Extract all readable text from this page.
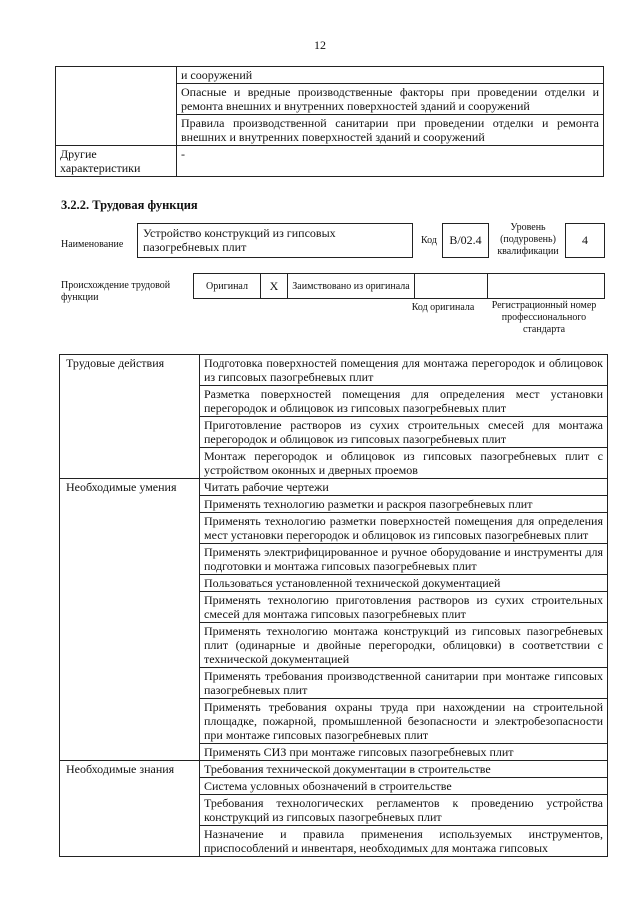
12
	и сооружений
	Опасные и вредные производственные факторы при проведении отделки и ремонта внешних и внутренних поверхностей зданий и сооружений
	Правила производственной санитарии при проведении отделки и ремонта внешних и внутренних поверхностей зданий и сооружений
Другие характеристики	-
3.2.2. Трудовая функция
Наименование
Устройство конструкций из гипсовых пазогребневых плит	Код	B/02.4
Уровень (подуровень) квалификации
4
Происхождение трудовой функции
Оригинал	X	Заимствовано из оригинала		
Код оригинала	Регистрационный номер профессионального стандарта
Трудовые действия	Подготовка поверхностей помещения для монтажа перегородок и облицовок из гипсовых пазогребневых плит
	Разметка поверхностей помещения для определения мест установки перегородок и облицовок из гипсовых пазогребневых плит
	Приготовление растворов из сухих строительных смесей для монтажа перегородок и облицовок из гипсовых пазогребневых плит
	Монтаж перегородок и облицовок из гипсовых пазогребневых плит с устройством оконных и дверных проемов
Необходимые умения	Читать рабочие чертежи
	Применять технологию разметки и раскроя пазогребневых плит
	Применять технологию разметки поверхностей помещения для определения мест установки перегородок и облицовок из гипсовых пазогребневых плит
	Применять электрифицированное и ручное оборудование и инструменты для подготовки и монтажа гипсовых пазогребневых плит
	Пользоваться установленной технической документацией
	Применять технологию приготовления растворов из сухих строительных смесей для монтажа гипсовых пазогребневых плит
	Применять технологию монтажа конструкций из гипсовых пазогребневых плит (одинарные и двойные перегородки, облицовки) в соответствии с технической документацией
	Применять требования производственной санитарии при монтаже гипсовых пазогребневых плит
	Применять требования охраны труда при нахождении на строительной площадке, пожарной, промышленной безопасности и электробезопасности при монтаже гипсовых пазогребневых плит
	Применять СИЗ при монтаже гипсовых пазогребневых плит
Необходимые знания	Требования технической документации в строительстве
	Система условных обозначений в строительстве
	Требования технологических регламентов к проведению устройства конструкций из гипсовых пазогребневых плит
	Назначение и правила применения используемых инструментов, приспособлений и инвентаря, необходимых для монтажа гипсовых
